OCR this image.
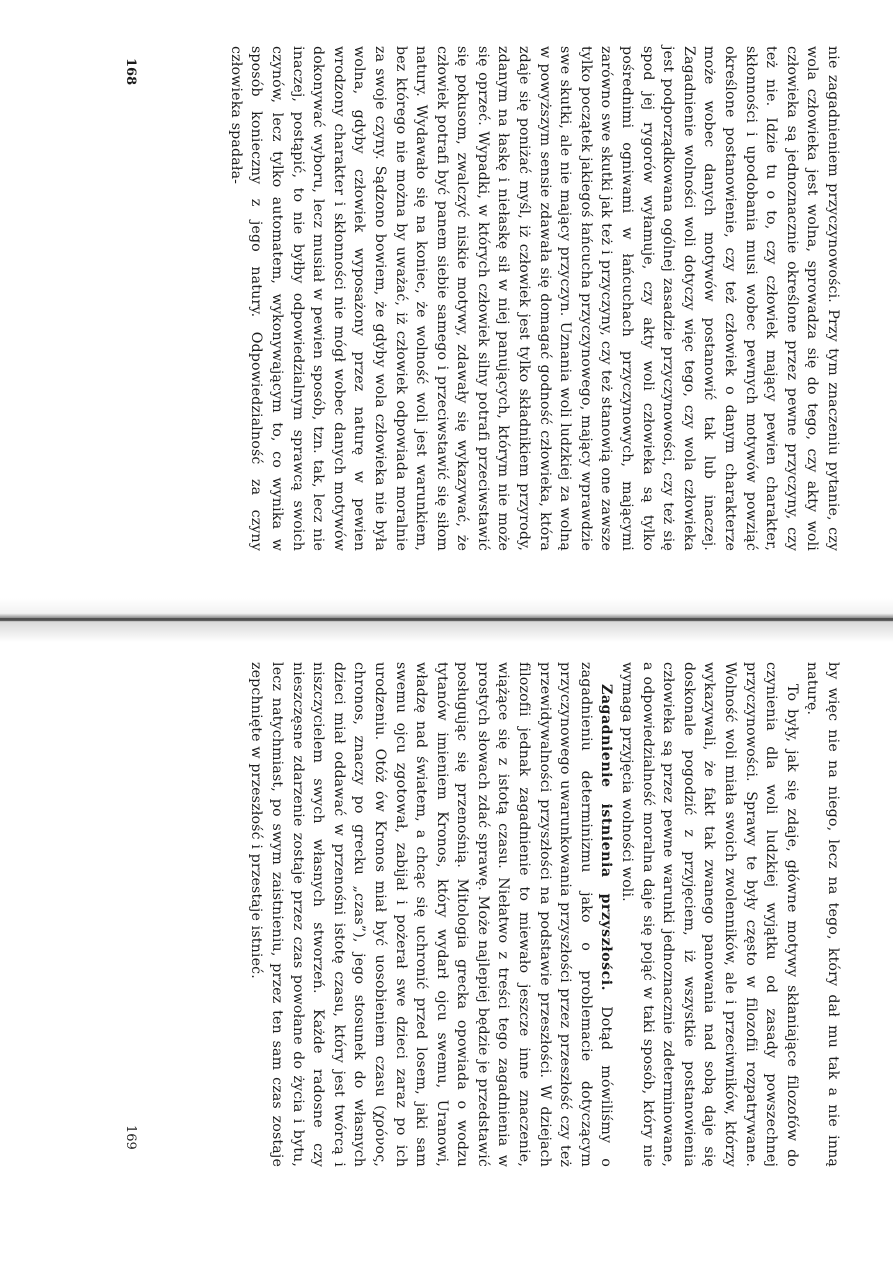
nie zagadnieniem przyczynowości. Przy tym znaczeniu pytanie, czy wola człowieka jest wolna, sprowadza się do tego, czy akty woli człowieka są jednoznacznie określone przez pewne przyczyny, czy też nie. Idzie tu o to, czy człowiek mający pewien charakter, skłonności i upodobania musi wobec pewnych motywów powziąć określone postanowienie, czy też człowiek o danym charakterze może wobec danych motywów postanowić tak lub inaczej. Zagadnienie wolności woli dotyczy więc tego, czy wola człowieka jest podporządkowana ogólnej zasadzie przyczynowości, czy też się spod jej rygorów wyłamuje, czy akty woli człowieka są tylko pośrednimi ogniwami w łańcuchach przyczynowych, mającymi zarówno swe skutki jak też i przyczyny, czy też stanowią one zawsze tylko początek jakiegoś łańcucha przyczynowego, mający wprawdzie swe skutki, ale nie mający przyczyn. Uznania woli ludzkiej za wolną w powyższym sensie zdawała się domagać godność człowieka, która zdaje się poniżać myśl, iż człowiek jest tylko składnikiem przyrody, zdanym na łaskę i niełaskę sił w niej panujących, którym nie może się oprzeć. Wypadki, w których człowiek silny potrafi przeciwstawić się pokusom, zwalczyć niskie motywy, zdawały się wykazywać, że człowiek potrafi być panem siebie samego i przeciwstawić się siłom natury. Wydawało się na koniec, że wolność woli jest warunkiem, bez którego nie można by uważać, iż człowiek odpowiada moralnie za swoje czyny. Sądzono bowiem, że gdyby wola człowieka nie była wolna, gdyby człowiek wyposażony przez naturę w pewien wrodzony charakter i skłonności nie mógł wobec danych motywów dokonywać wyboru, lecz musiał w pewien sposób, tzn. tak, lecz nie inaczej, postąpić, to nie byłby odpowiedzialnym sprawcą swoich czynów, lecz tylko automatem, wykonywającym to, co wynika w sposób konieczny z jego natury. Odpowiedzialność za czyny człowieka spadała-

168

by więc nie na niego, lecz na tego, który dał mu tak a nie inną naturę.

To były, jak się zdaje, główne motywy skłaniające filozofów do czynienia dla woli ludzkiej wyjątku od zasady powszechnej przyczynowości. Sprawy te były często w filozofii rozpatrywane. Wolność woli miała swoich zwolenników, ale i przeciwników, którzy wykazywali, że fakt tak zwanego panowania nad sobą daje się doskonale pogodzić z przyjęciem, iż wszystkie postanowienia człowieka są przez pewne warunki jednoznacznie zdeterminowane, a odpowiedzialność moralna daje się pojąć w taki sposób, który nie wymaga przyjęcia wolności woli.

Zagadnienie istnienia przyszłości. Dotąd mówiliśmy o zagadnieniu determinizmu jako o problemacie dotyczącym przyczynowego uwarunkowania przyszłości przez przeszłość czy też przewidywalności przyszłości na podstawie przeszłości. W dziejach filozofii jednak zagadnienie to miewało jeszcze inne znaczenie, wiążące się z istotą czasu. Niełatwo z treści tego zagadnienia w prostych słowach zdać sprawę. Może najlepiej będzie je przedstawić posługując się przenośnią. Mitologia grecka opowiada o wodzu tytanów imieniem Kronos, który wydarł ojcu swemu, Uranowi, władzę nad światem, a chcąc się uchronić przed losem, jaki sam swemu ojcu zgotował, zabijał i pożerał swe dzieci zaraz po ich urodzeniu. Otóż ów Kronos miał być uosobieniem czasu (χρόνος, chronos, znaczy po grecku „czas”), jego stosunek do własnych dzieci miał oddawać w przenośni istotę czasu, który jest twórcą i niszczycielem swych własnych stworzeń. Każde radosne czy nieszczęsne zdarzenie zostaje przez czas powołane do życia i bytu, lecz natychmiast, po swym zaistnieniu, przez ten sam czas zostaje zepchnięte w przeszłość i przestaje istnieć.

169
